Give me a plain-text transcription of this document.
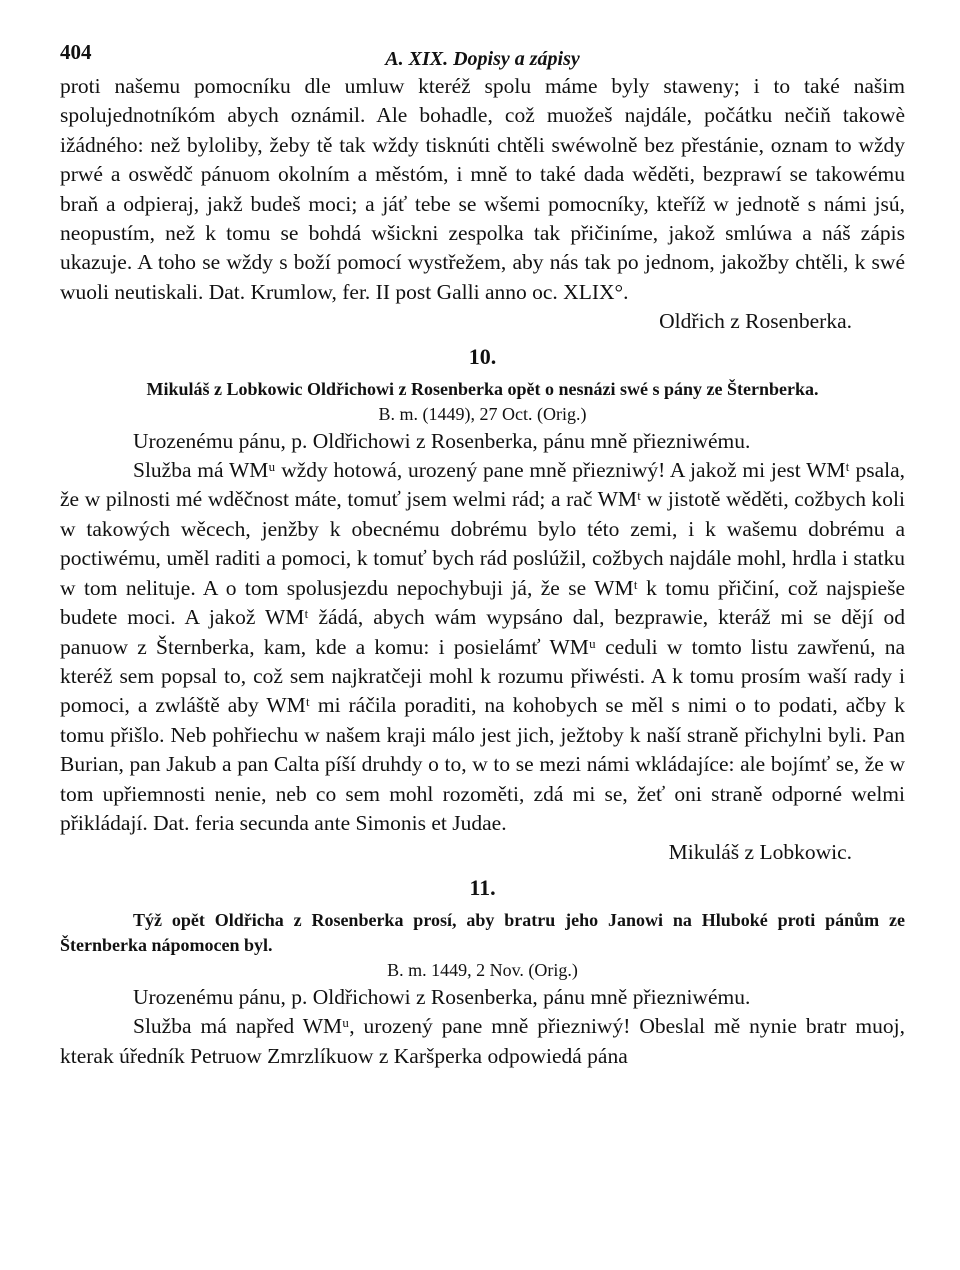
404	A. XIX. Dopisy a zápisy

proti našemu pomocníku dle umluw kteréž spolu máme byly staweny; i to také našim spolujednotníkóm abych oznámil. Ale bohadle, což muožeš najdále, počátku nečiň takowè ižádného: než byloliby, žeby tě tak wždy tisknúti chtěli swéwolně bez přestánie, oznam to wždy prwé a oswědč pánuom okolním a městóm, i mně to také dada wěděti, bezprawí se takowému braň a odpieraj, jakž budeš moci; a jáť tebe se wšemi pomocníky, kteříž w jednotě s námi jsú, neopustím, než k tomu se bohdá wšickni zespolka tak přičiníme, jakož smlúwa a náš zápis ukazuje. A toho se wždy s boží pomocí wystřežem, aby nás tak po jednom, jakožby chtěli, k swé wuoli neutiskali. Dat. Krumlow, fer. II post Galli anno oc. XLIX°.

Oldřich z Rosenberka.

10.

Mikuláš z Lobkowic Oldřichowi z Rosenberka opět o nesnázi swé s pány ze Šternberka.

B. m. (1449), 27 Oct. (Orig.)

Urozenému pánu, p. Oldřichowi z Rosenberka, pánu mně přiezniwému.

Služba má WMᵘ wždy hotowá, urozený pane mně přiezniwý! A jakož mi jest WMᵗ psala, že w pilnosti mé wděčnost máte, tomuť jsem welmi rád; a rač WMᵗ w jistotě wěděti, cožbych koli w takowých wěcech, jenžby k obecnému dobrému bylo této zemi, i k wašemu dobrému a poctiwému, uměl raditi a pomoci, k tomuť bych rád poslúžil, cožbych najdále mohl, hrdla i statku w tom nelituje. A o tom spolusjezdu nepochybuji já, že se WMᵗ k tomu přičiní, což najspieše budete moci. A jakož WMᵗ žádá, abych wám wypsáno dal, bezprawie, kteráž mi se dějí od panuow z Šternberka, kam, kde a komu: i posielámť WMᵘ ceduli w tomto listu zawřenú, na kteréž sem popsal to, což sem najkratčeji mohl k rozumu přiwésti. A k tomu prosím waší rady i pomoci, a zwláště aby WMᵗ mi ráčila poraditi, na kohobych se měl s nimi o to podati, ačby k tomu přišlo. Neb pohřiechu w našem kraji málo jest jich, ježtoby k naší straně přichylni byli. Pan Burian, pan Jakub a pan Calta píší druhdy o to, w to se mezi námi wkládajíce: ale bojímť se, že w tom upřiemnosti nenie, neb co sem mohl rozoměti, zdá mi se, žeť oni straně odporné welmi přikládají. Dat. feria secunda ante Simonis et Judae.

Mikuláš z Lobkowic.

11.

Týž opět Oldřicha z Rosenberka prosí, aby bratru jeho Janowi na Hluboké proti pánům ze Šternberka nápomocen byl.

B. m. 1449, 2 Nov. (Orig.)

Urozenému pánu, p. Oldřichowi z Rosenberka, pánu mně přiezniwému.

Služba má napřed WMᵘ, urozený pane mně přiezniwý! Obeslal mě nynie bratr muoj, kterak úředník Petruow Zmrzlíkuow z Karšperka odpowiedá pána
